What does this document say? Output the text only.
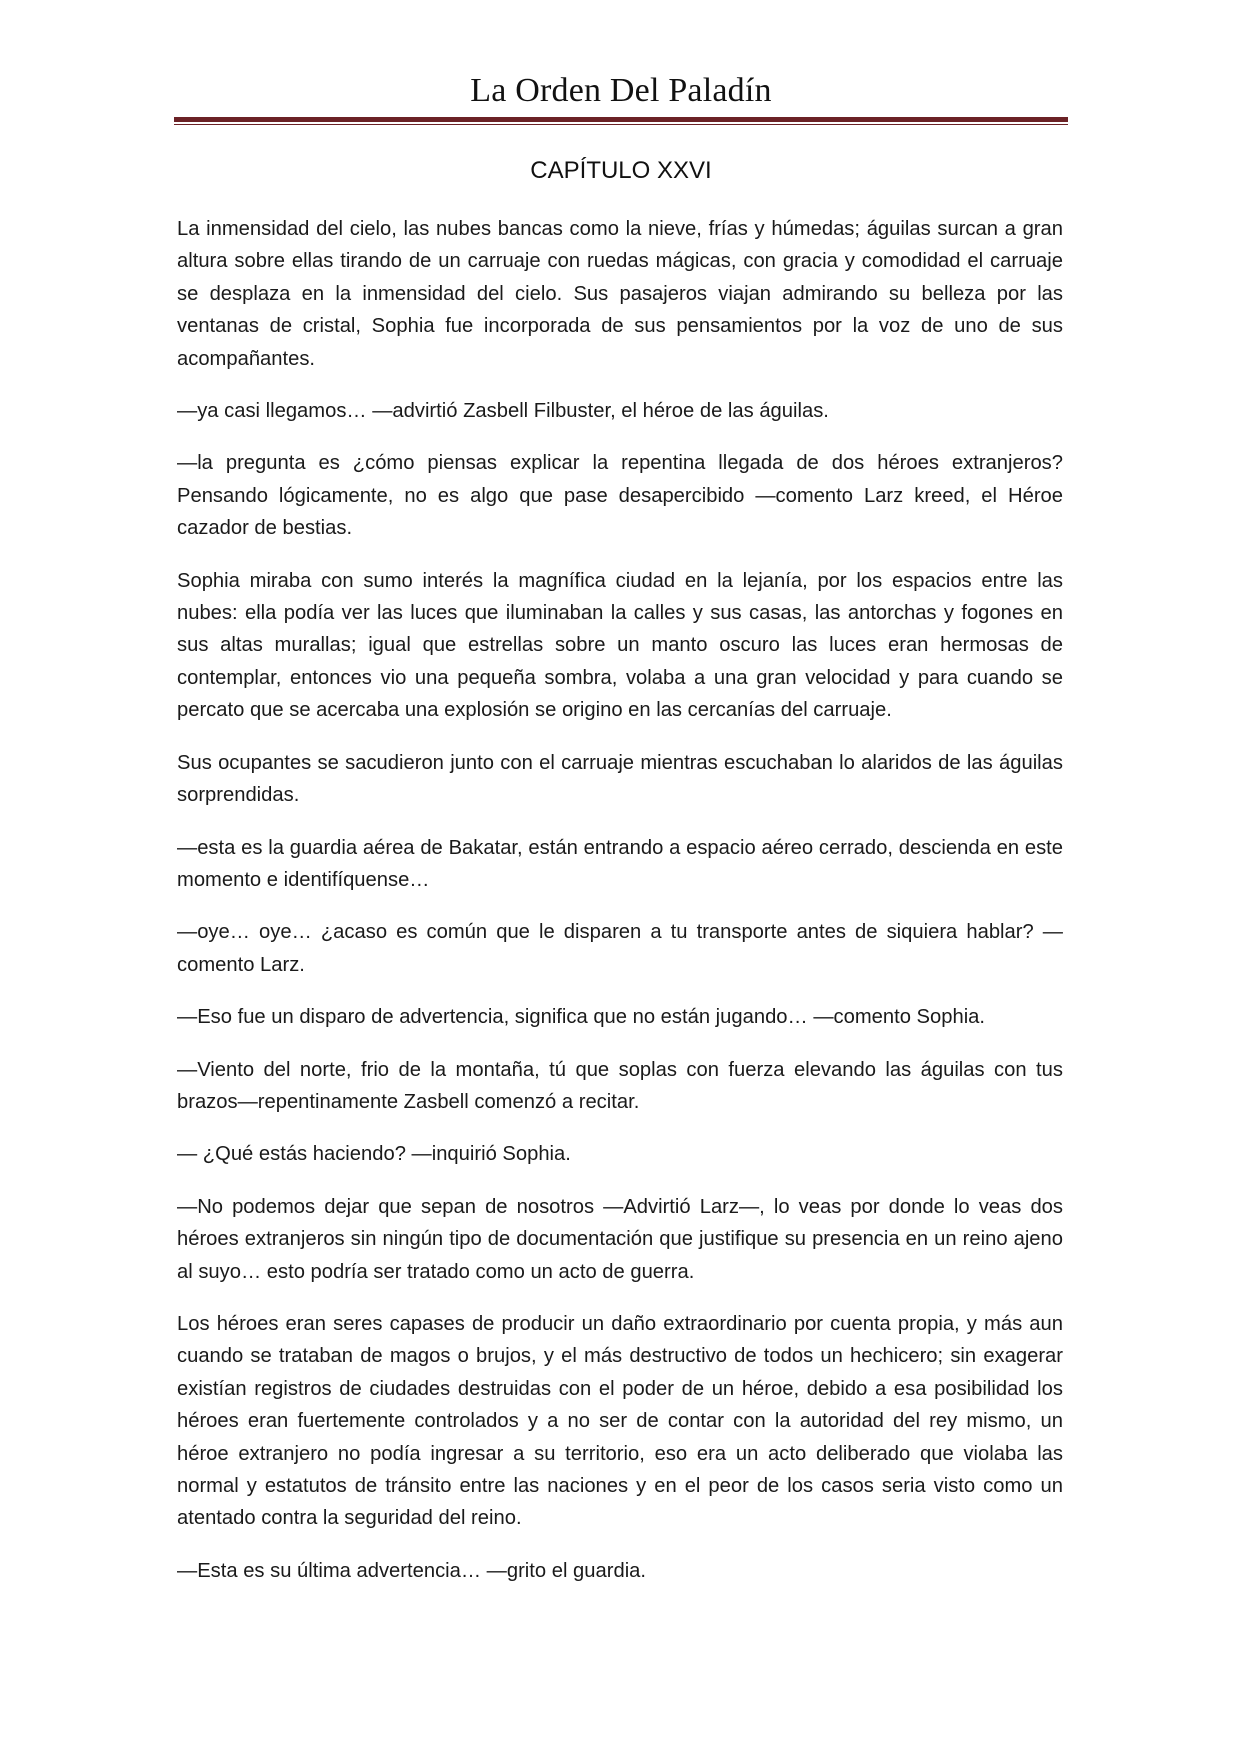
La Orden Del Paladín
CAPÍTULO XXVI

La inmensidad del cielo, las nubes bancas como la nieve, frías y húmedas; águilas surcan a gran altura sobre ellas tirando de un carruaje con ruedas mágicas, con gracia y comodidad el carruaje se desplaza en la inmensidad del cielo. Sus pasajeros viajan admirando su belleza por las ventanas de cristal, Sophia fue incorporada de sus pensamientos por la voz de uno de sus acompañantes.

—ya casi llegamos… —advirtió Zasbell Filbuster, el héroe de las águilas.

—la pregunta es ¿cómo piensas explicar la repentina llegada de dos héroes extranjeros? Pensando lógicamente, no es algo que pase desapercibido —comento Larz kreed, el Héroe cazador de bestias.

Sophia miraba con sumo interés la magnífica ciudad en la lejanía, por los espacios entre las nubes: ella podía ver las luces que iluminaban la calles y sus casas, las antorchas y fogones en sus altas murallas; igual que estrellas sobre un manto oscuro las luces eran hermosas de contemplar, entonces vio una pequeña sombra, volaba a una gran velocidad y para cuando se percato que se acercaba una explosión se origino en las cercanías del carruaje.

Sus ocupantes se sacudieron junto con el carruaje mientras escuchaban lo alaridos de las águilas sorprendidas.

—esta es la guardia aérea de Bakatar, están entrando a espacio aéreo cerrado, descienda en este momento e identifíquense…

—oye… oye… ¿acaso es común que le disparen a tu transporte antes de siquiera hablar? —comento Larz.

—Eso fue un disparo de advertencia, significa que no están jugando… —comento Sophia.

—Viento del norte, frio de la montaña, tú que soplas con fuerza elevando las águilas con tus brazos—repentinamente Zasbell comenzó a recitar.

— ¿Qué estás haciendo? —inquirió Sophia.

—No podemos dejar que sepan de nosotros —Advirtió Larz—, lo veas por donde lo veas dos héroes extranjeros sin ningún tipo de documentación que justifique su presencia en un reino ajeno al suyo… esto podría ser tratado como un acto de guerra.

Los héroes eran seres capases de producir un daño extraordinario por cuenta propia, y más aun cuando se trataban de magos o brujos, y el más destructivo de todos un hechicero; sin exagerar existían registros de ciudades destruidas con el poder de un héroe, debido a esa posibilidad los héroes eran fuertemente controlados y a no ser de contar con la autoridad del rey mismo, un héroe extranjero no podía ingresar a su territorio, eso era un acto deliberado que violaba las normal y estatutos de tránsito entre las naciones y en el peor de los casos seria visto como un atentado contra la seguridad del reino.

—Esta es su última advertencia… —grito el guardia.
